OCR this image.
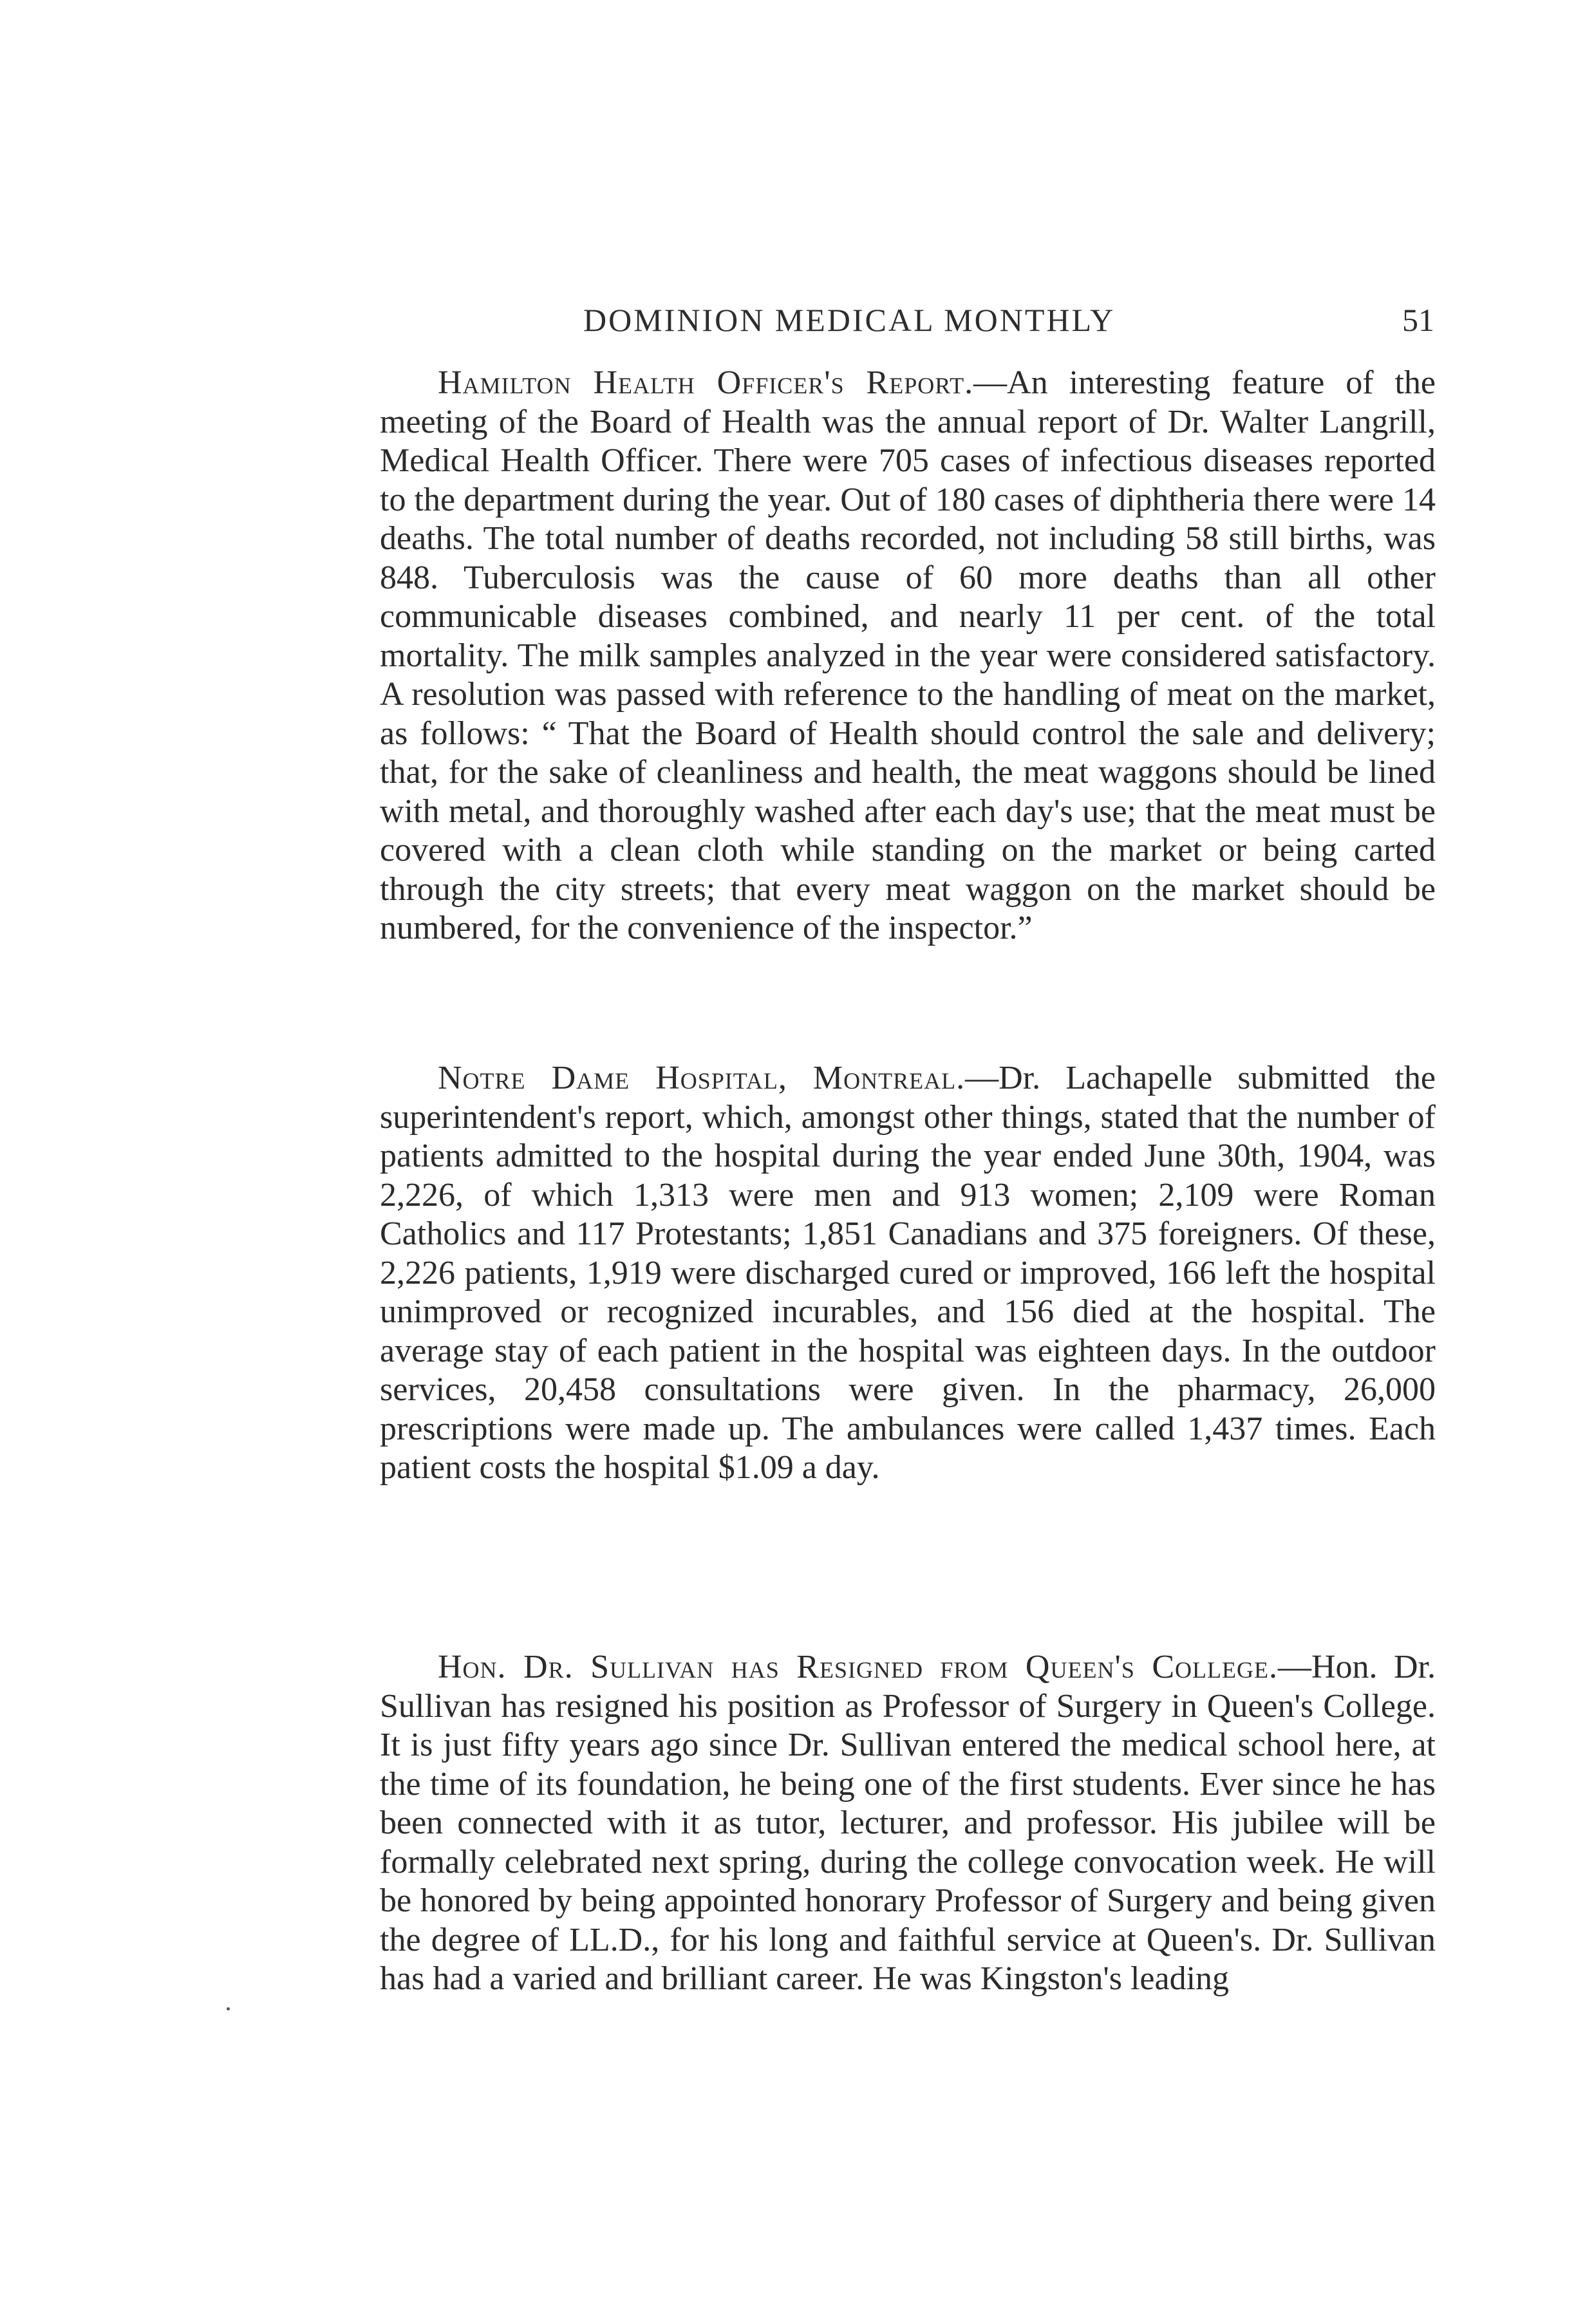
DOMINION MEDICAL MONTHLY	51

Hamilton Health Officer's Report.—An interesting feature of the meeting of the Board of Health was the annual report of Dr. Walter Langrill, Medical Health Officer. There were 705 cases of infectious diseases reported to the department during the year. Out of 180 cases of diphtheria there were 14 deaths. The total number of deaths recorded, not including 58 still births, was 848. Tuberculosis was the cause of 60 more deaths than all other communicable diseases combined, and nearly 11 per cent. of the total mortality. The milk samples analyzed in the year were considered satisfactory. A resolution was passed with reference to the handling of meat on the market, as follows: “ That the Board of Health should control the sale and delivery; that, for the sake of cleanliness and health, the meat waggons should be lined with metal, and thoroughly washed after each day's use; that the meat must be covered with a clean cloth while standing on the market or being carted through the city streets; that every meat waggon on the market should be numbered, for the convenience of the inspector.”

Notre Dame Hospital, Montreal.—Dr. Lachapelle submitted the superintendent's report, which, amongst other things, stated that the number of patients admitted to the hospital during the year ended June 30th, 1904, was 2,226, of which 1,313 were men and 913 women; 2,109 were Roman Catholics and 117 Protestants; 1,851 Canadians and 375 foreigners. Of these, 2,226 patients, 1,919 were discharged cured or improved, 166 left the hospital unimproved or recognized incurables, and 156 died at the hospital. The average stay of each patient in the hospital was eighteen days. In the outdoor services, 20,458 consultations were given. In the pharmacy, 26,000 prescriptions were made up. The ambulances were called 1,437 times. Each patient costs the hospital $1.09 a day.

Hon. Dr. Sullivan has Resigned from Queen's College.—Hon. Dr. Sullivan has resigned his position as Professor of Surgery in Queen's College. It is just fifty years ago since Dr. Sullivan entered the medical school here, at the time of its foundation, he being one of the first students. Ever since he has been connected with it as tutor, lecturer, and professor. His jubilee will be formally celebrated next spring, during the college convocation week. He will be honored by being appointed honorary Professor of Surgery and being given the degree of LL.D., for his long and faithful service at Queen's. Dr. Sullivan has had a varied and brilliant career. He was Kingston's leading
